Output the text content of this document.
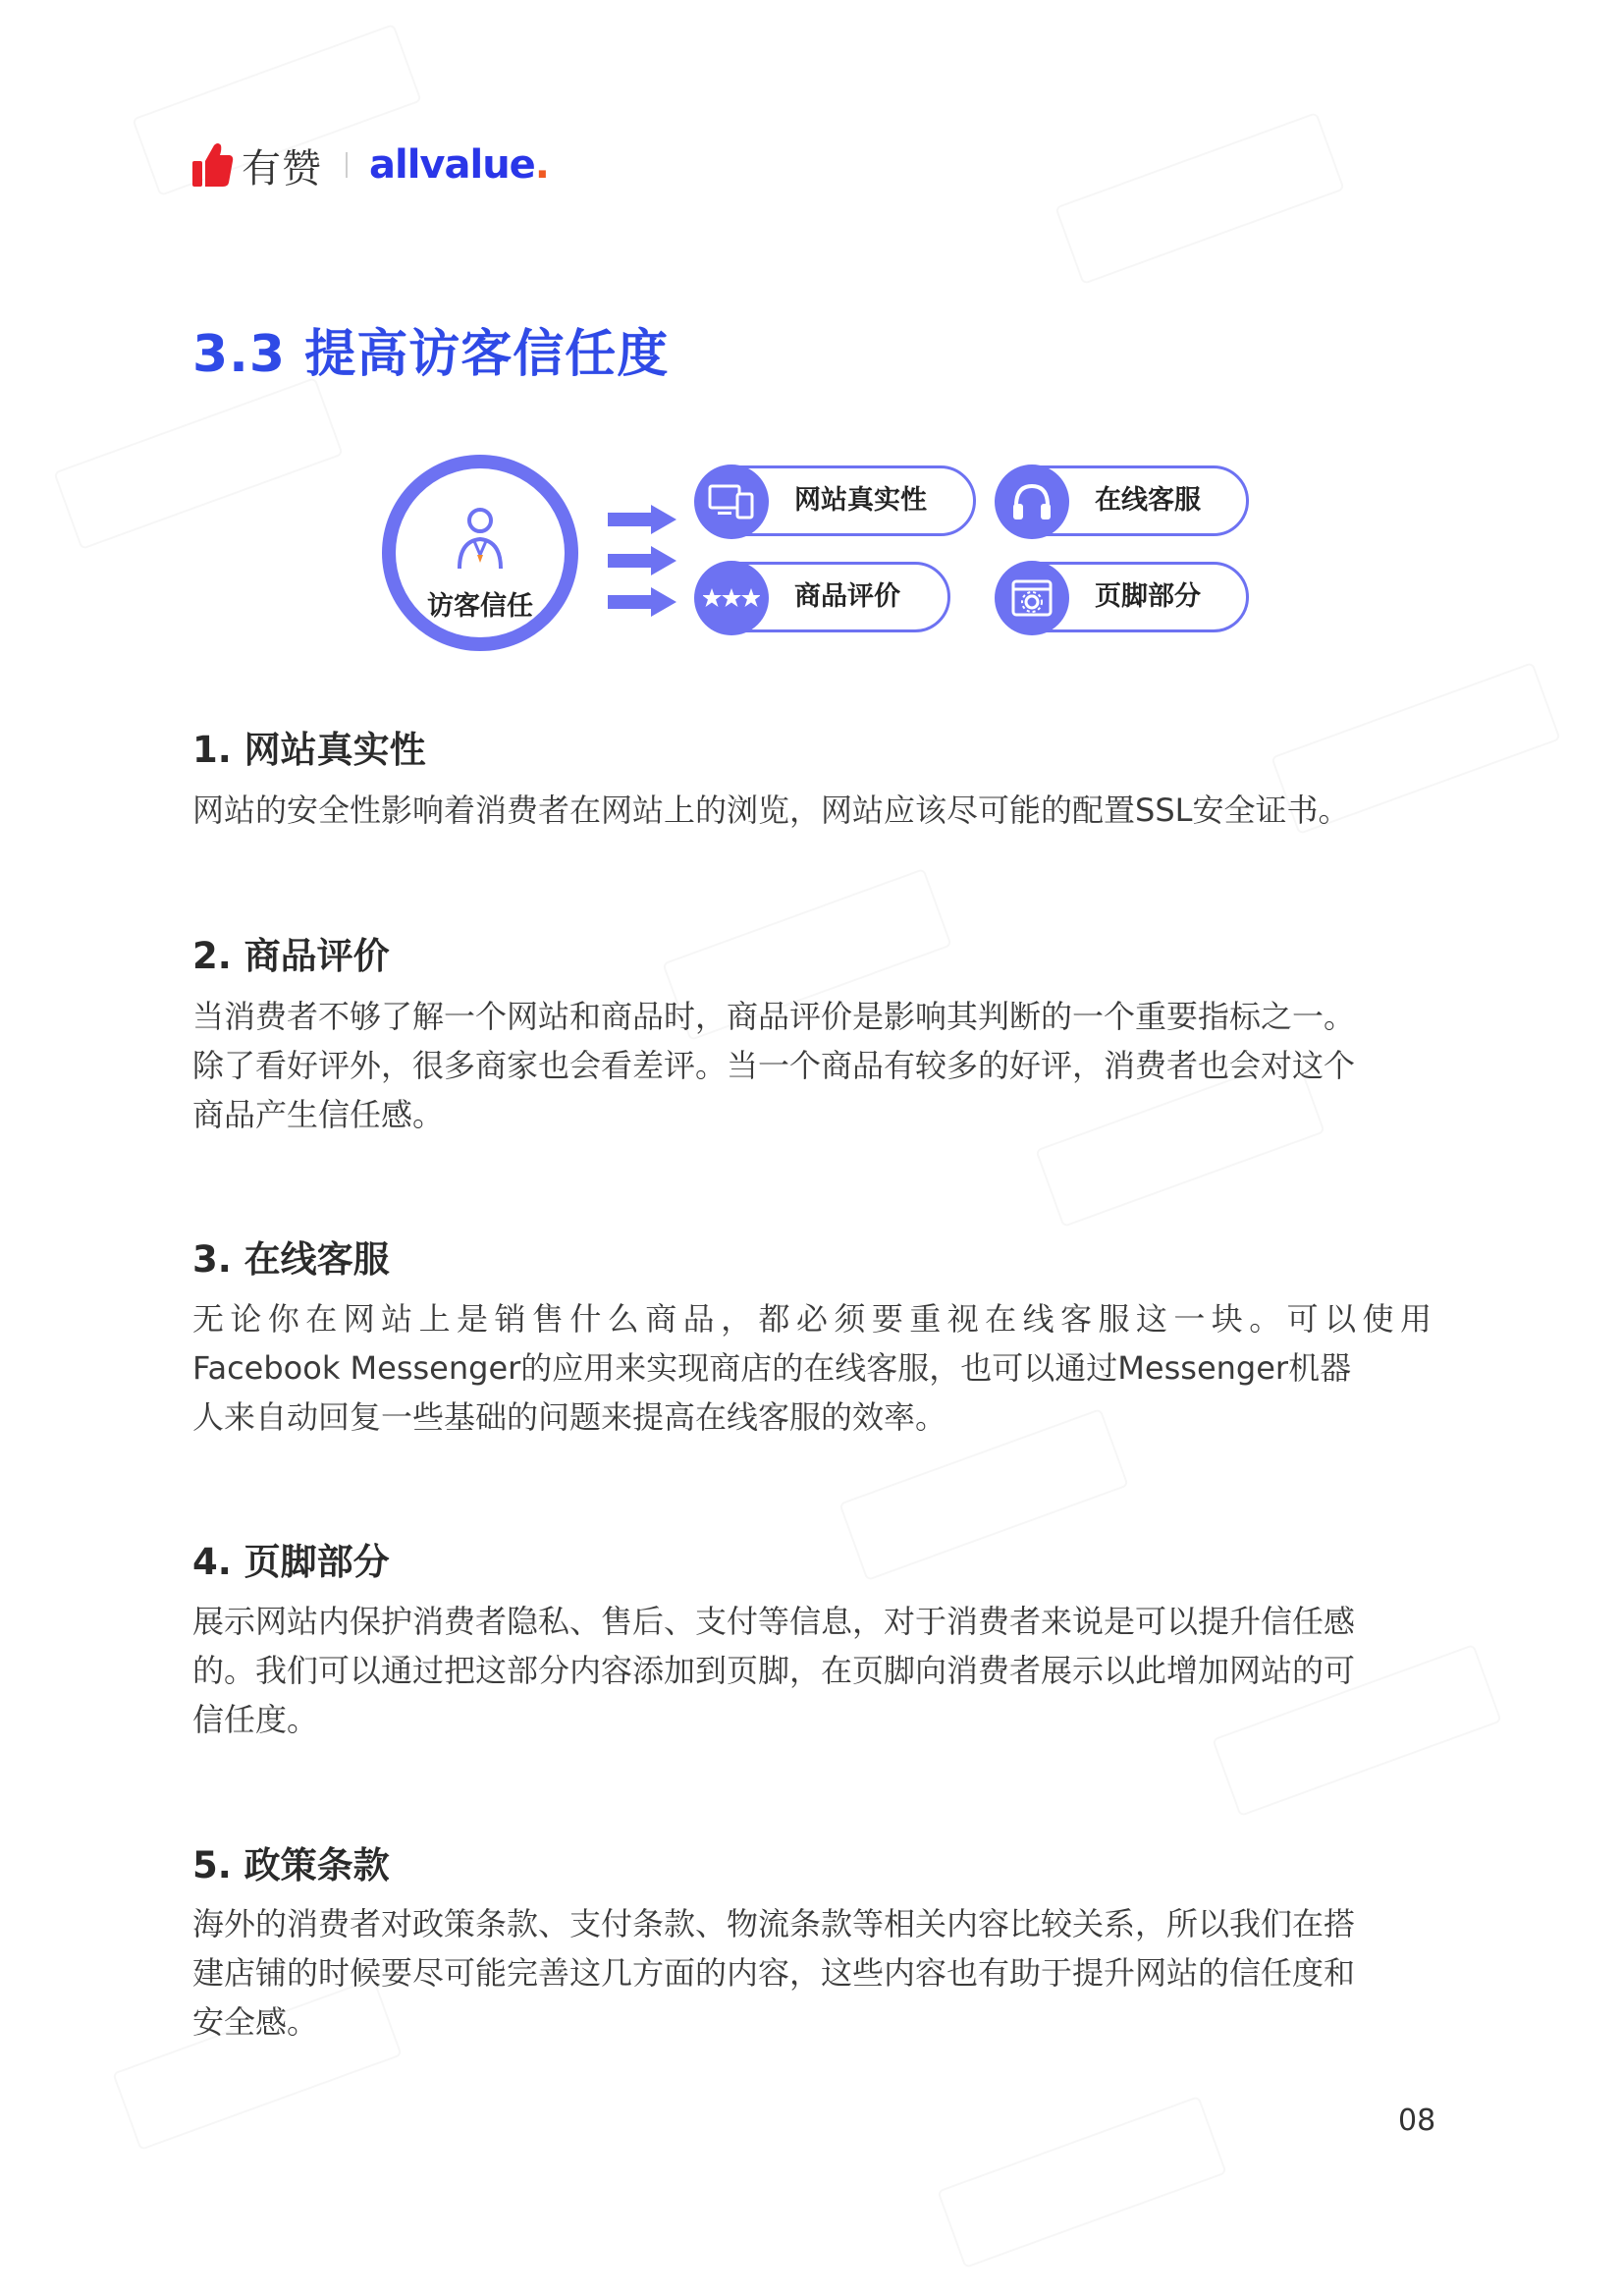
有赞 allvalue.
3.3 提高访客信任度
访客信任
网站真实性	在线客服
商品评价	页脚部分
1. 网站真实性
网站的安全性影响着消费者在网站上的浏览，网站应该尽可能的配置SSL安全证书。
2. 商品评价
当消费者不够了解一个网站和商品时，商品评价是影响其判断的一个重要指标之一。
除了看好评外，很多商家也会看差评。当一个商品有较多的好评，消费者也会对这个
商品产生信任感。
3. 在线客服
无论你在网站上是销售什么商品，都必须要重视在线客服这一块。可以使用
Facebook Messenger的应用来实现商店的在线客服，也可以通过Messenger机器
人来自动回复一些基础的问题来提高在线客服的效率。
4. 页脚部分
展示网站内保护消费者隐私、售后、支付等信息，对于消费者来说是可以提升信任感
的。我们可以通过把这部分内容添加到页脚，在页脚向消费者展示以此增加网站的可
信任度。
5. 政策条款
海外的消费者对政策条款、支付条款、物流条款等相关内容比较关系，所以我们在搭
建店铺的时候要尽可能完善这几方面的内容，这些内容也有助于提升网站的信任度和
安全感。
08
